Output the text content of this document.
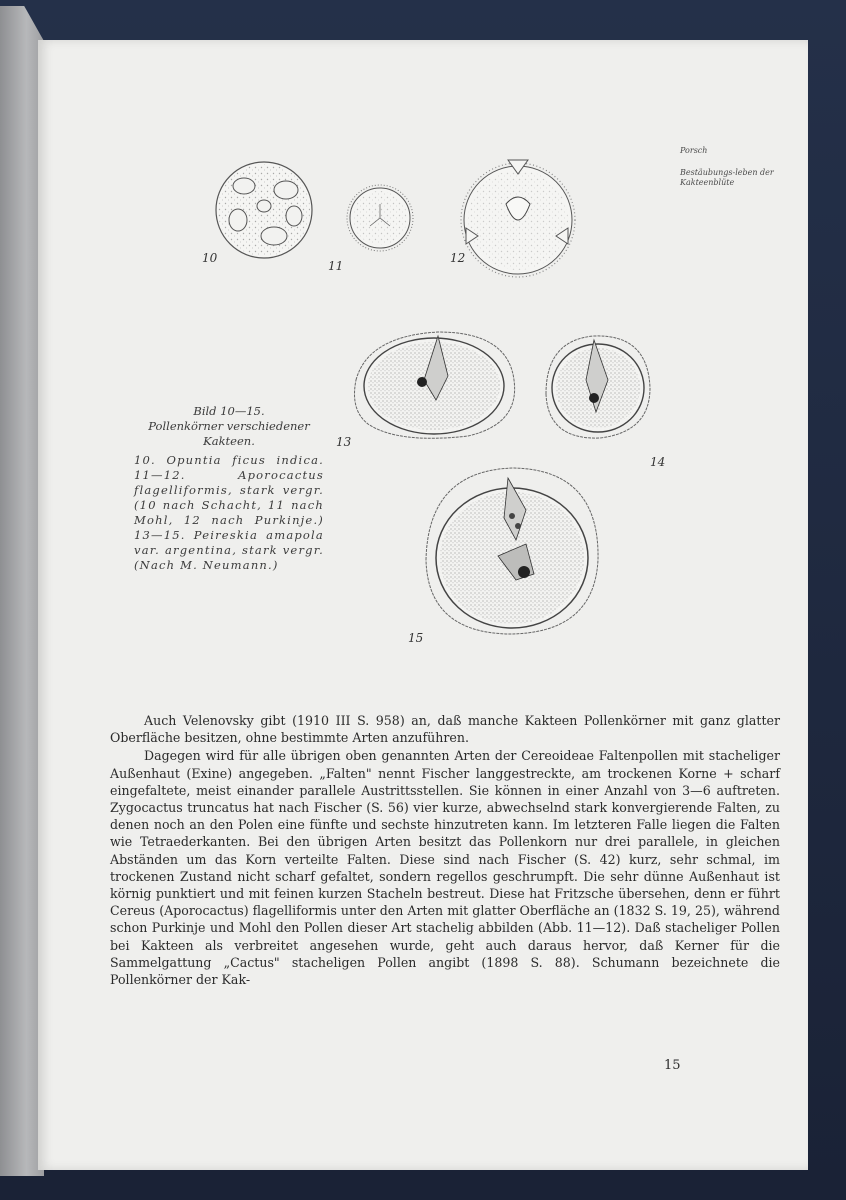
Porsch
Bestäubungs-leben der Kakteenblüte
10
11
12
13
14
15
Bild 10—15.
Pollenkörner verschiedener Kakteen.
10. Opuntia ficus indica. 11—12. Aporocactus flagelliformis, stark vergr. (10 nach Schacht, 11 nach Mohl, 12 nach Purkinje.) 13—15. Peireskia amapola var. argentina, stark vergr. (Nach M. Neumann.)

Auch Velenovsky gibt (1910 III S. 958) an, daß manche Kakteen Pollenkörner mit ganz glatter Oberfläche besitzen, ohne bestimmte Arten anzuführen.

Dagegen wird für alle übrigen oben genannten Arten der Cereoideae Faltenpollen mit stacheliger Außenhaut (Exine) angegeben. „Falten" nennt Fischer langgestreckte, am trockenen Korne + scharf eingefaltete, meist einander parallele Austrittsstellen. Sie können in einer Anzahl von 3—6 auftreten. Zygocactus truncatus hat nach Fischer (S. 56) vier kurze, abwechselnd stark konvergierende Falten, zu denen noch an den Polen eine fünfte und sechste hinzutreten kann. Im letzteren Falle liegen die Falten wie Tetraederkanten. Bei den übrigen Arten besitzt das Pollenkorn nur drei parallele, in gleichen Abständen um das Korn verteilte Falten. Diese sind nach Fischer (S. 42) kurz, sehr schmal, im trockenen Zustand nicht scharf gefaltet, sondern regellos geschrumpft. Die sehr dünne Außenhaut ist körnig punktiert und mit feinen kurzen Stacheln bestreut. Diese hat Fritzsche übersehen, denn er führt Cereus (Aporocactus) flagelliformis unter den Arten mit glatter Oberfläche an (1832 S. 19, 25), während schon Purkinje und Mohl den Pollen dieser Art stachelig abbilden (Abb. 11—12). Daß stacheliger Pollen bei Kakteen als verbreitet angesehen wurde, geht auch daraus hervor, daß Kerner für die Sammelgattung „Cactus" stacheligen Pollen angibt (1898 S. 88). Schumann bezeichnete die Pollenkörner der Kak-

15
